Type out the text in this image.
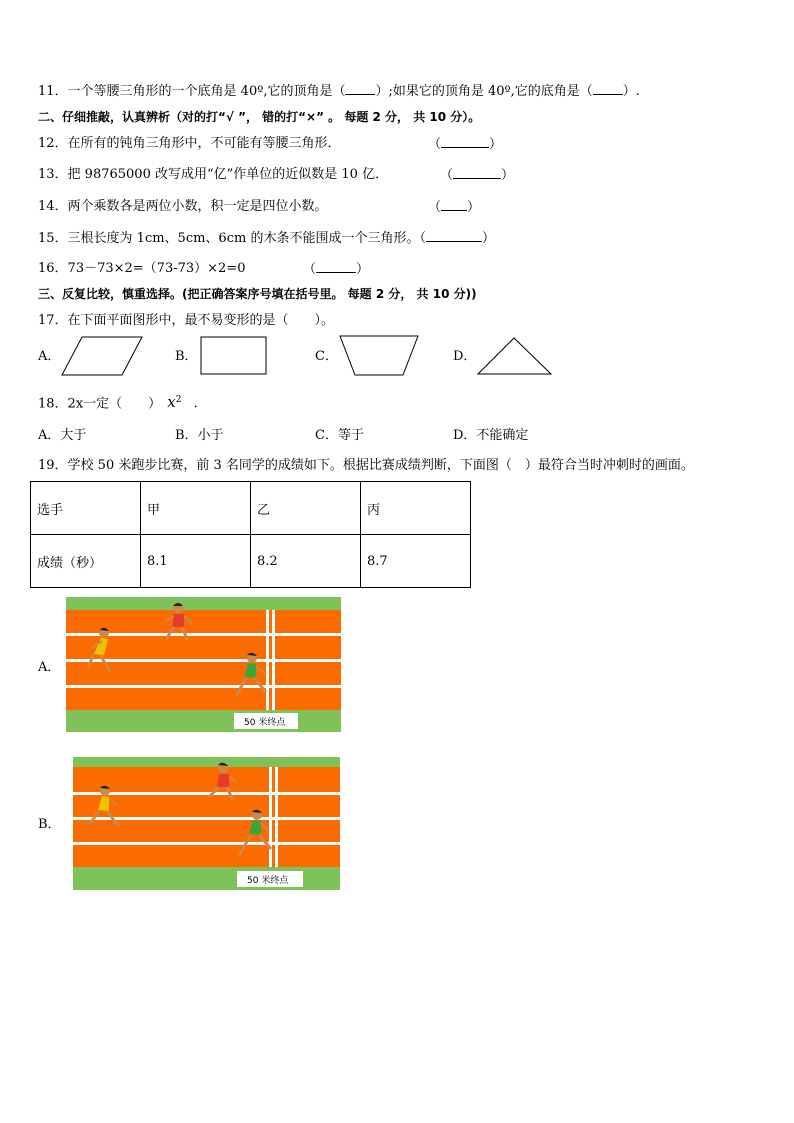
11．一个等腰三角形的一个底角是 40º,它的顶角是（ ）;如果它的顶角是 40º,它的底角是（ ）.
二、仔细推敲，认真辨析（对的打“√ ”， 错的打“×” 。 每题 2 分， 共 10 分）。
12．在所有的钝角三角形中，不可能有等腰三角形．	（	）
13．把 98765000 改写成用“亿”作单位的近似数是 10 亿．	（	）
14．两个乘数各是两位小数，积一定是四位小数。	（ ）
15．三根长度为 1cm、5cm、6cm 的木条不能围成一个三角形。（	）
16．73－73×2=（73-73）×2=0	（	）
三、反复比较，慎重选择。(把正确答案序号填在括号里。 每题 2 分， 共 10 分))
17．在下面平面图形中，最不易变形的是（　　）。
A．	B．	C．	D．
18．2x一定（　　） $x^2$ ．
A．大于	B．小于	C．等于	D．不能确定
19．学校 50 米跑步比赛，前 3 名同学的成绩如下。根据比赛成绩判断，下面图（　）最符合当时冲刺时的画面。
选手	甲	乙	丙
成绩（秒）	8.1	8.2	8.7
A．
50 米终点
B．
50 米终点
